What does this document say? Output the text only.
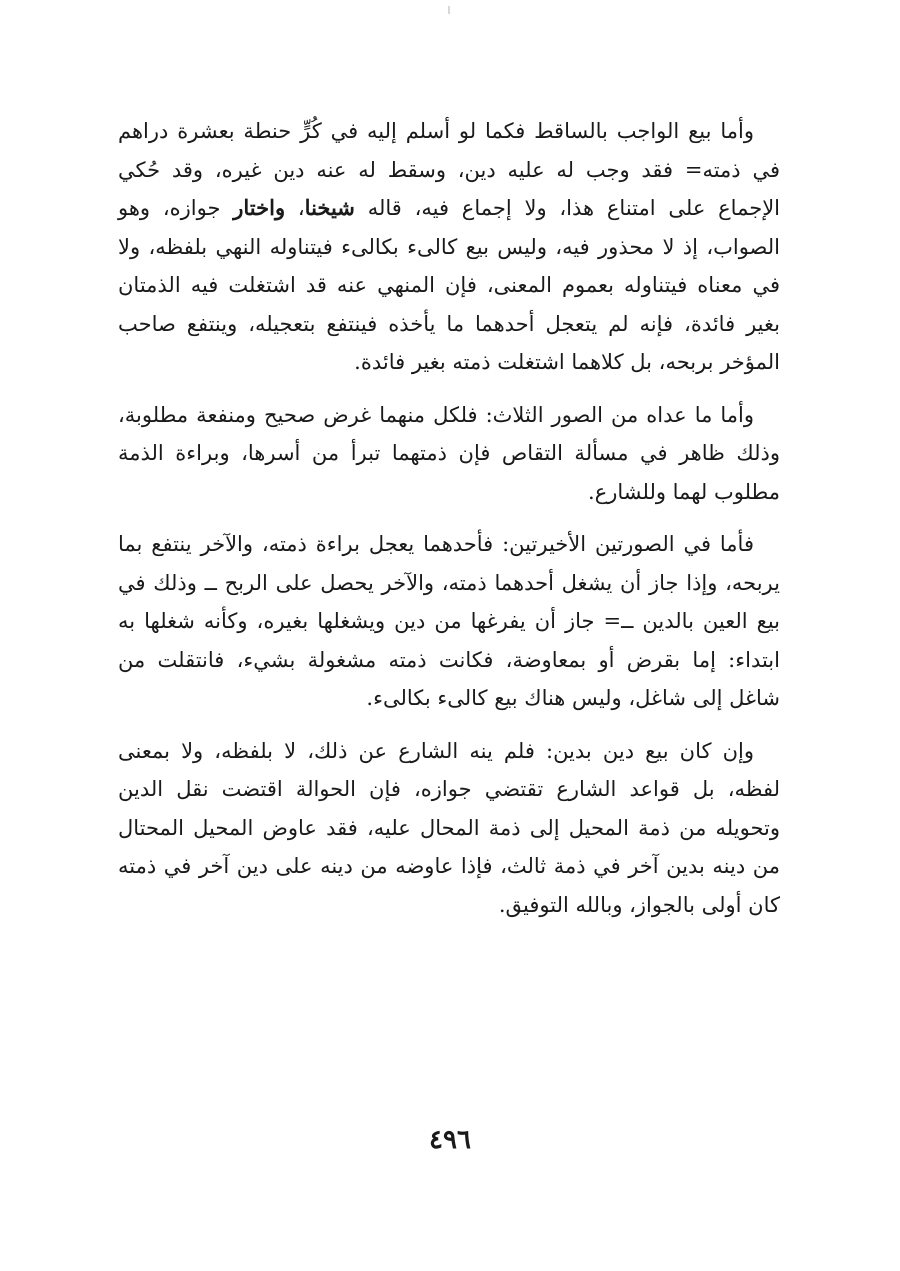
وأما بيع الواجب بالساقط فكما لو أسلم إليه في كُرٍّ حنطة بعشرة دراهم في ذمته= فقد وجب له عليه دين، وسقط له عنه دين غيره، وقد حُكي الإجماع على امتناع هذا، ولا إجماع فيه، قاله شيخنا، واختار جوازه، وهو الصواب، إذ لا محذور فيه، وليس بيع كالىء بكالىء فيتناوله النهي بلفظه، ولا في معناه فيتناوله بعموم المعنى، فإن المنهي عنه قد اشتغلت فيه الذمتان بغير فائدة، فإنه لم يتعجل أحدهما ما يأخذه فينتفع بتعجيله، وينتفع صاحب المؤخر بربحه، بل كلاهما اشتغلت ذمته بغير فائدة.

وأما ما عداه من الصور الثلاث: فلكل منهما غرض صحيح ومنفعة مطلوبة، وذلك ظاهر في مسألة التقاص فإن ذمتهما تبرأ من أسرها، وبراءة الذمة مطلوب لهما وللشارع.

فأما في الصورتين الأخيرتين: فأحدهما يعجل براءة ذمته، والآخر ينتفع بما يربحه، وإذا جاز أن يشغل أحدهما ذمته، والآخر يحصل على الربح ــ وذلك في بيع العين بالدين ــ= جاز أن يفرغها من دين ويشغلها بغيره، وكأنه شغلها به ابتداء: إما بقرض أو بمعاوضة، فكانت ذمته مشغولة بشيء، فانتقلت من شاغل إلى شاغل، وليس هناك بيع كالىء بكالىء.

وإن كان بيع دين بدين: فلم ينه الشارع عن ذلك، لا بلفظه، ولا بمعنى لفظه، بل قواعد الشارع تقتضي جوازه، فإن الحوالة اقتضت نقل الدين وتحويله من ذمة المحيل إلى ذمة المحال عليه، فقد عاوض المحيل المحتال من دينه بدين آخر في ذمة ثالث، فإذا عاوضه من دينه على دين آخر في ذمته كان أولى بالجواز، وبالله التوفيق.

٤٩٦
